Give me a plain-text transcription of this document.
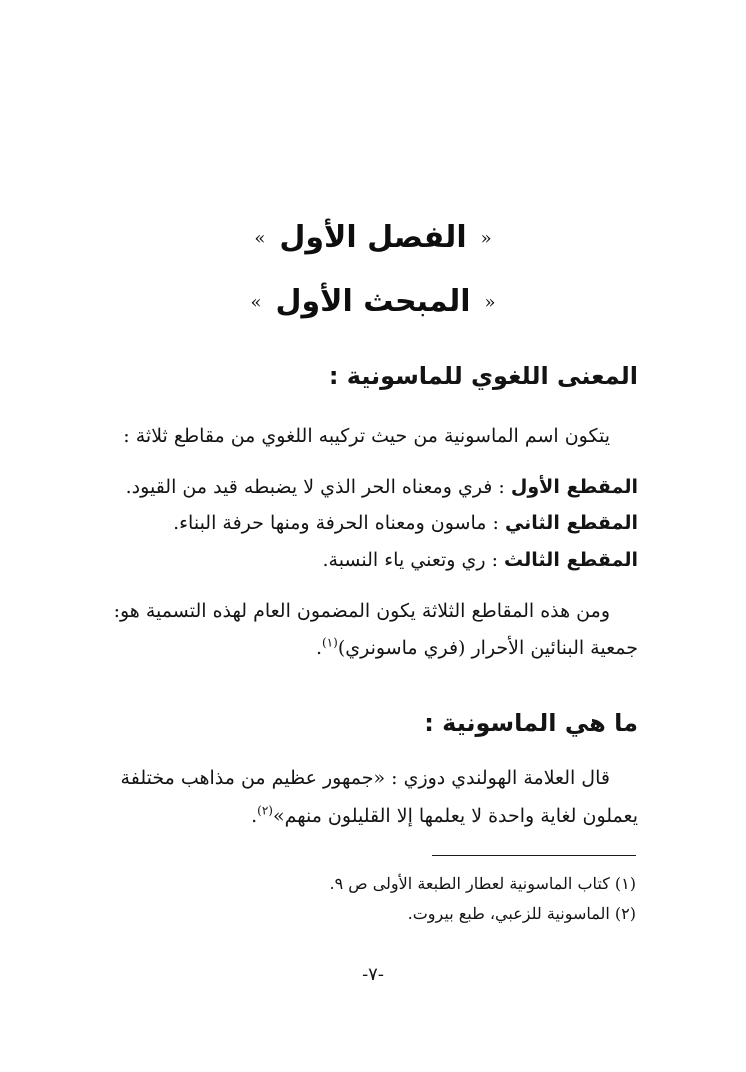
«الفصل الأول»
«المبحث الأول»
المعنى اللغوي للماسونية :
يتكون اسم الماسونية من حيث تركيبه اللغوي من مقاطع ثلاثة :
المقطع الأول : فري ومعناه الحر الذي لا يضبطه قيد من القيود.
المقطع الثاني : ماسون ومعناه الحرفة ومنها حرفة البناء.
المقطع الثالث : ري وتعني ياء النسبة.
ومن هذه المقاطع الثلاثة يكون المضمون العام لهذه التسمية هو:
جمعية البنائين الأحرار (فري ماسونري)$^{(١)}$.
ما هي الماسونية :
قال العلامة الهولندي دوزي : «جمهور عظيم من مذاهب مختلفة
يعملون لغاية واحدة لا يعلمها إلا القليلون منهم»$^{(٢)}$.
(١) كتاب الماسونية لعطار الطبعة الأولى ص ٩.
(٢) الماسونية للزعبي، طبع بيروت.
-٧-
